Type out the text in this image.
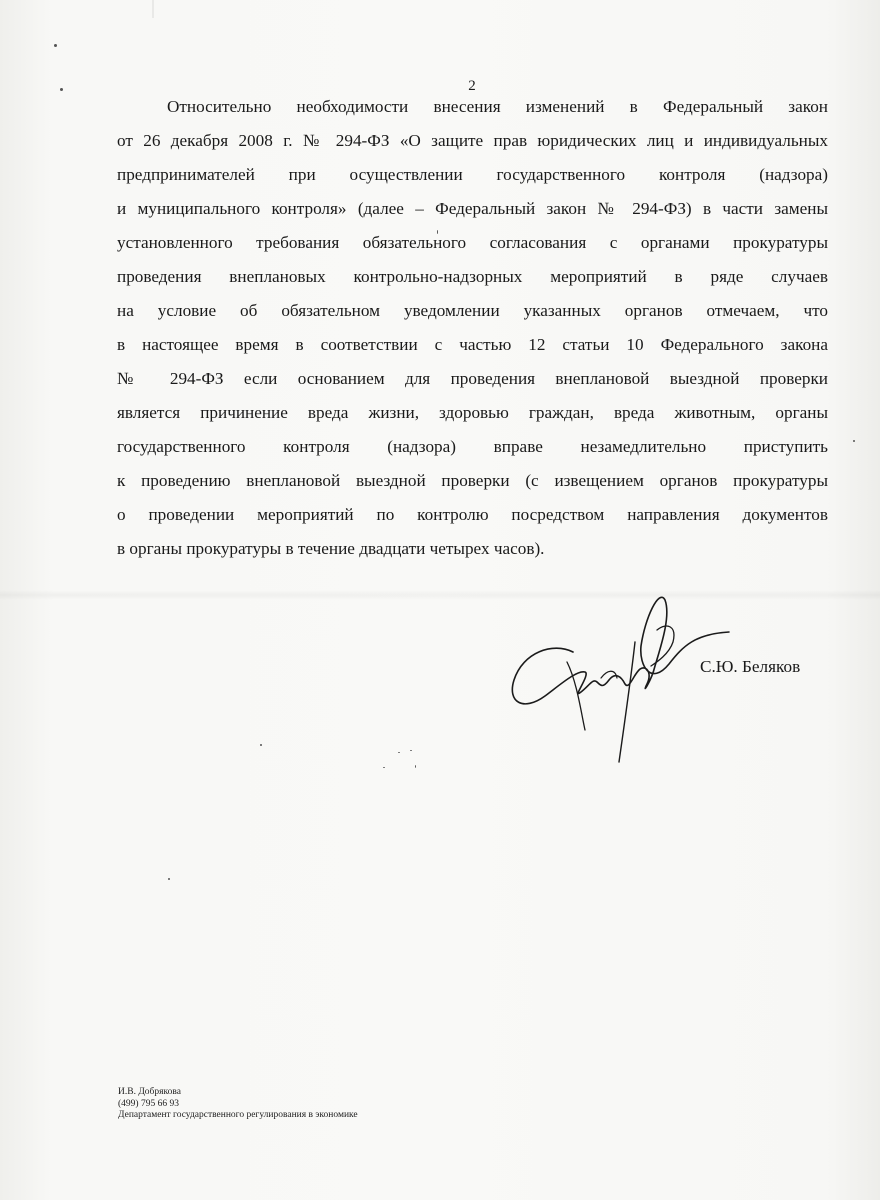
2
Относительно необходимости внесения изменений в Федеральный закон
от 26 декабря 2008 г. № 294-ФЗ «О защите прав юридических лиц и индивидуальных
предпринимателей при осуществлении государственного контроля (надзора)
и муниципального контроля» (далее – Федеральный закон № 294-ФЗ) в части замены
установленного требования обязательного согласования с органами прокуратуры
проведения внеплановых контрольно-надзорных мероприятий в ряде случаев
на условие об обязательном уведомлении указанных органов отмечаем, что
в настоящее время в соответствии с частью 12 статьи 10 Федерального закона
№ 294-ФЗ если основанием для проведения внеплановой выездной проверки
является причинение вреда жизни, здоровью граждан, вреда животным, органы
государственного контроля (надзора) вправе незамедлительно приступить
к проведению внеплановой выездной проверки (с извещением органов прокуратуры
о проведении мероприятий по контролю посредством направления документов
в органы прокуратуры в течение двадцати четырех часов).
С.Ю. Беляков
И.В. Добрякова
(499) 795 66 93
Департамент государственного регулирования в экономике
